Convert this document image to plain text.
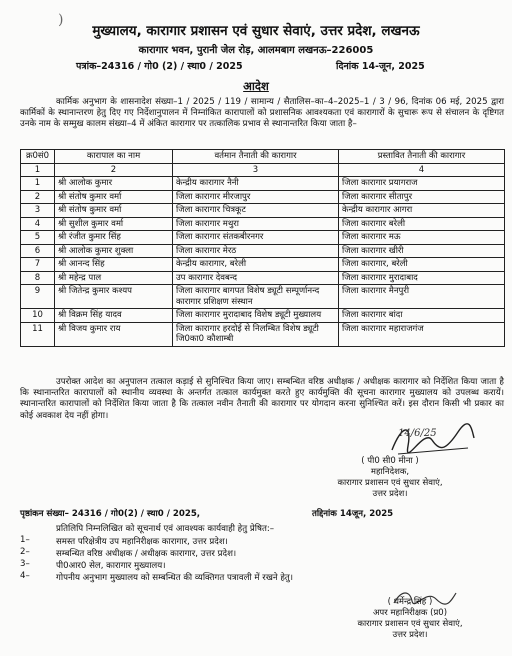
)
मुख्यालय, कारागार प्रशासन एवं सुधार सेवाएं, उत्तर प्रदेश, लखनऊ
कारागार भवन, पुरानी जेल रोड़, आलमबाग लखनऊ–226005
पत्रांक–24316 / गो0 (2) / स्था0 / 2025	दिनांक 14-जून, 2025
आदेश
कार्मिक अनुभाग के शासनादेश संख्या–1 / 2025 / 119 / सामान्य / सैतालिस–का–4–2025–1 / 3 / 96, दिनांक 06 मई, 2025 द्वारा कार्मिकों के स्थानान्तरण हेतु दिए गए निर्देशानुपालन में निम्नांकित कारापालों को प्रशासनिक आवश्यकता एवं कारागारों के सुचारू रूप से संचालन के दृष्टिगत उनके नाम के सम्मुख कालम संख्या–4 में अंकित कारागार पर तत्कालिक प्रभाव से स्थानान्तरित किया जाता है–
क्र0सं0	कारापाल का नाम	वर्तमान तैनाती की कारागार	प्रस्तावित तैनाती की कारागार
1	2	3	4
1	श्री आलोक कुमार	केन्द्रीय कारागार नैनी	जिला कारागार प्रयागराज
2	श्री संतोष कुमार वर्मा	जिला कारागार मीरजापुर	जिला कारागार सीतापुर
3	श्री संतोष कुमार वर्मा	जिला कारागार चित्रकूट	केन्द्रीय कारागार आगरा
4	श्री सुशील कुमार वर्मा	जिला कारागार मथुरा	जिला कारागार बरेली
5	श्री रंजीत कुमार सिंह	जिला कारागार संतकबीरनगर	जिला कारागार मऊ
6	श्री आलोक कुमार शुक्ला	जिला कारागार मेरठ	जिला कारागार खीरी
7	श्री आनन्द सिंह	केन्द्रीय कारागार, बरेली	जिला कारागार, बरेली
8	श्री महेन्द्र पाल	उप कारागार देवबन्द	जिला कारागार मुरादाबाद
9	श्री जितेन्द्र कुमार कश्यप	जिला कारागार बागपत विशेष ड्यूटी सम्पूर्णानन्द कारागार प्रशिक्षण संस्थान	जिला कारागार मैनपुरी
10	श्री विक्रम सिंह यादव	जिला कारागार मुरादाबाद विशेष ड्यूटी मुख्यालय	जिला कारागार बांदा
11	श्री विजय कुमार राय	जिला कारागार हरदोई से निलम्बित विशेष ड्यूटी जि0का0 कौशाम्बी	जिला कारागार महाराजगंज
उपरोक्त आदेश का अनुपालन तत्काल कड़ाई से सुनिश्चित किया जाए। सम्बन्धित वरिष्ठ अधीक्षक / अधीक्षक कारागार को निर्देशित किया जाता है कि स्थानान्तरित कारापालों को स्थानीय व्यवस्था के अन्तर्गत तत्काल कार्यमुक्त करते हुए कार्यमुक्ति की सूचना कारागार मुख्यालय को उपलब्ध करायें। स्थानान्तरित कारापालों को निर्देशित किया जाता है कि तत्काल नवीन तैनाती की कारागार पर योगदान करना सुनिश्चित करें। इस दौरान किसी भी प्रकार का कोई अवकाश देय नहीं होगा।
14/6/25
( पी0 सी0 मीना )
महानिदेशक,
कारागार प्रशासन एवं सुधार सेवाएं,
उत्तर प्रदेश।
पृष्ठांकन संख्या– 24316 / गो0(2) / स्था0 / 2025,	तद्दिनांक 14जून, 2025
प्रतिलिपि निम्नलिखित को सूचनार्थ एवं आवश्यक कार्यवाही हेतु प्रेषित:–
1–	समस्त परिक्षेत्रीय उप महानिरीक्षक कारागार, उत्तर प्रदेश।
2–	सम्बन्धित वरिष्ठ अधीक्षक / अधीक्षक कारागार, उत्तर प्रदेश।
3–	पी0आर0 सेल, कारागार मुख्यालय।
4–	गोपनीय अनुभाग मुख्यालय को सम्बन्धित की व्यक्तिगत पत्रावली में रखने हेतु।
( धर्मेन्द्र सिंह )
अपर महानिरीक्षक (प्र0)
कारागार प्रशासन एवं सुधार सेवाएं,
उत्तर प्रदेश।
